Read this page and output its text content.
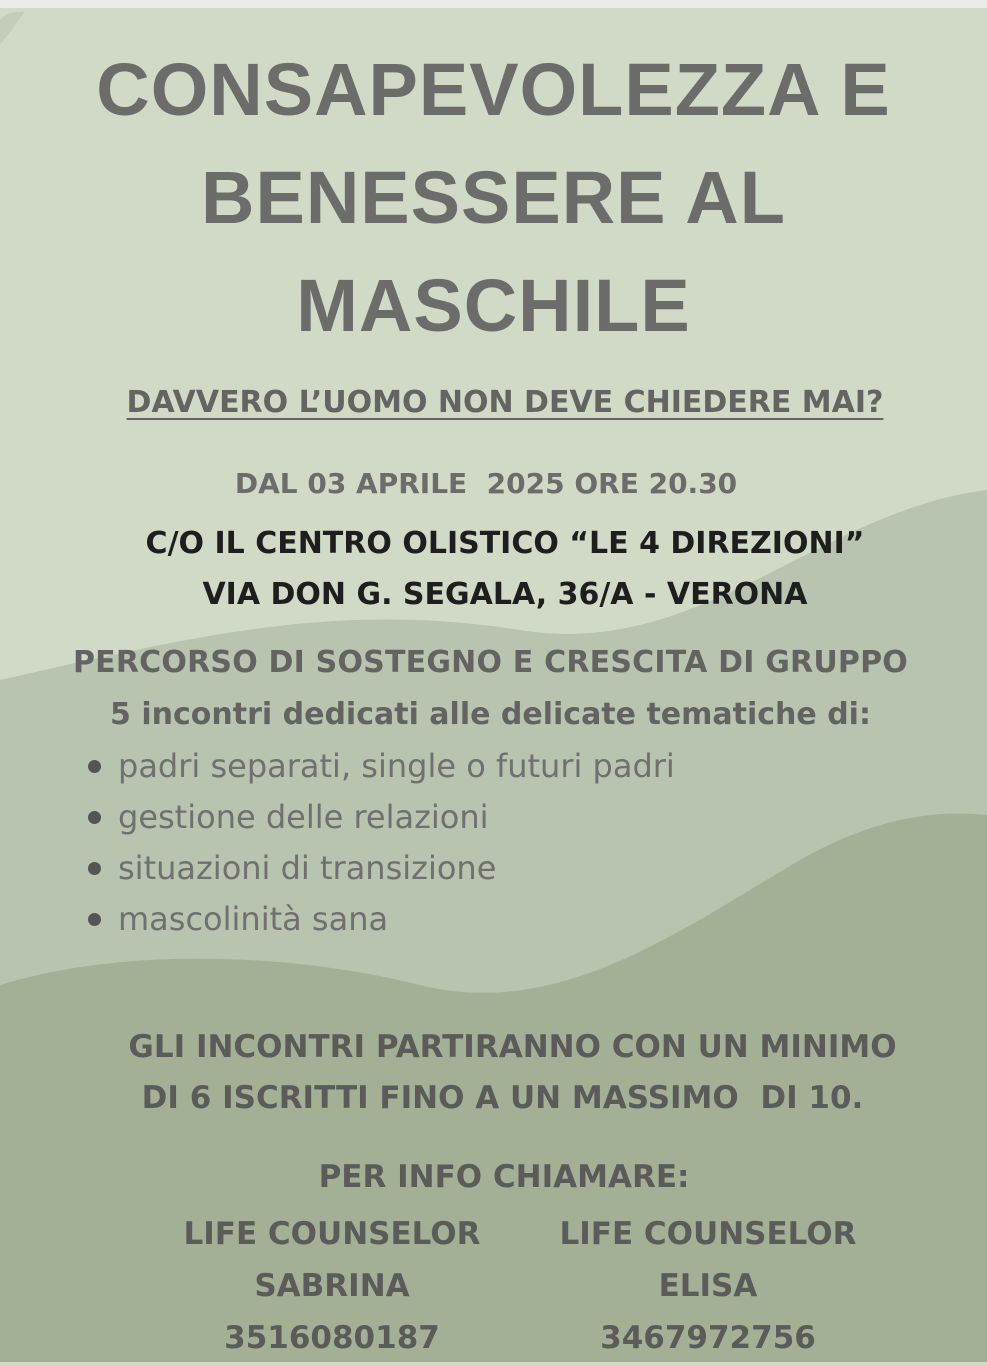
CONSAPEVOLEZZA E
BENESSERE AL
MASCHILE
DAVVERO L’UOMO NON DEVE CHIEDERE MAI?
DAL 03 APRILE  2025 ORE 20.30
C/O IL CENTRO OLISTICO “LE 4 DIREZIONI”
VIA DON G. SEGALA, 36/A - VERONA
PERCORSO DI SOSTEGNO E CRESCITA DI GRUPPO
5 incontri dedicati alle delicate tematiche di:
padri separati, single o futuri padri
gestione delle relazioni
situazioni di transizione
mascolinità sana
GLI INCONTRI PARTIRANNO CON UN MINIMO
DI 6 ISCRITTI FINO A UN MASSIMO  DI 10.
PER INFO CHIAMARE:
LIFE COUNSELOR
SABRINA
3516080187
LIFE COUNSELOR
ELISA
3467972756
